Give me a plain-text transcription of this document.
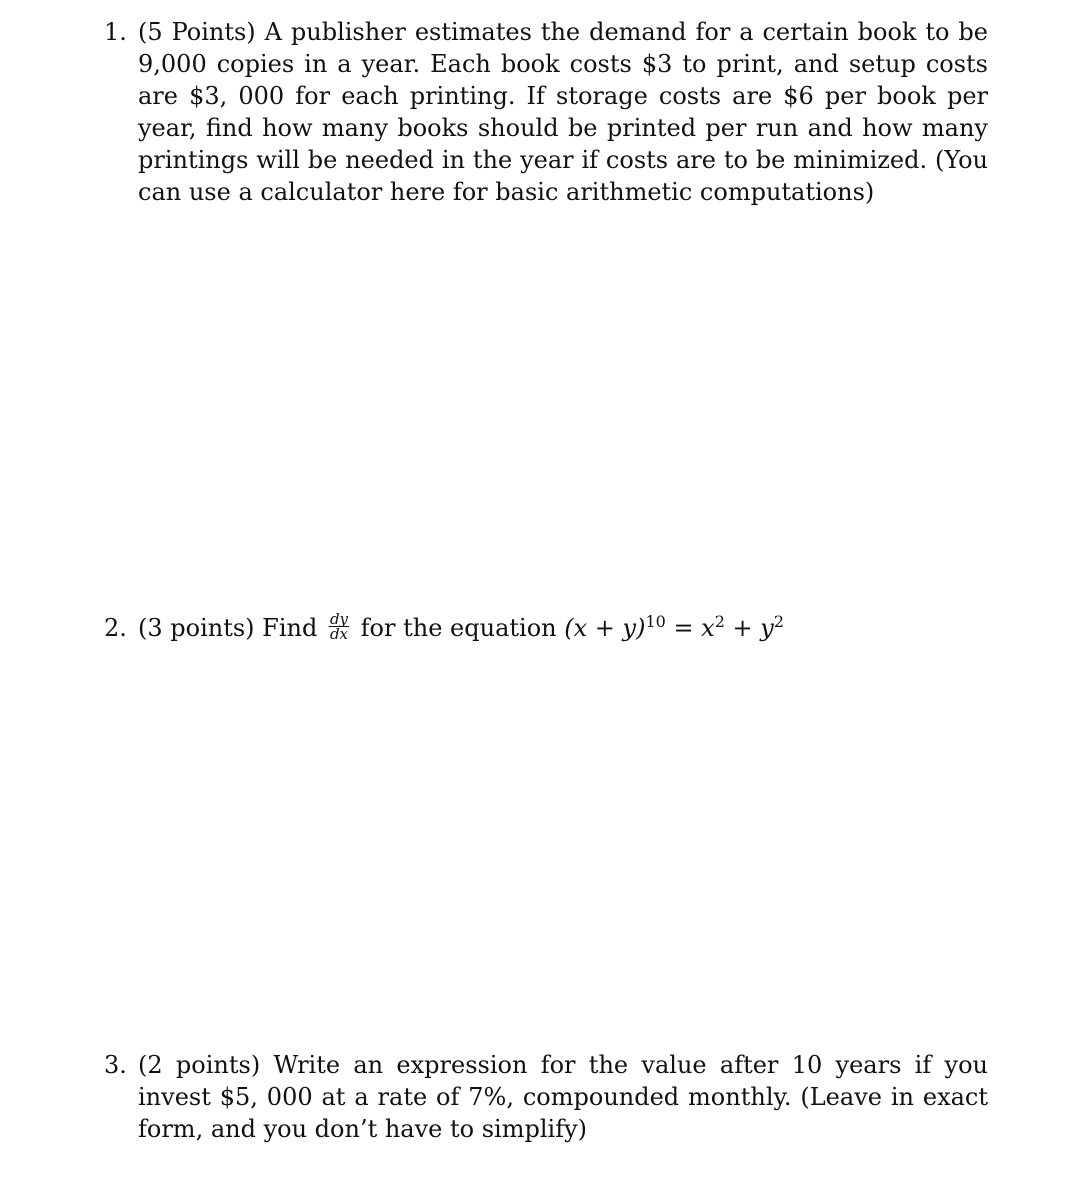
1. (5 Points) A publisher estimates the demand for a certain book to be 9,000 copies in a year. Each book costs $3 to print, and setup costs are $3, 000 for each printing. If storage costs are $6 per book per year, find how many books should be printed per run and how many printings will be needed in the year if costs are to be minimized. (You can use a calculator here for basic arithmetic computations)
2. (3 points) Find $\frac{dy}{dx}$ for the equation $(x + y)^{10} = x^2 + y^2$
3. (2 points) Write an expression for the value after 10 years if you invest $5, 000 at a rate of 7%, compounded monthly. (Leave in exact form, and you don’t have to simplify)
